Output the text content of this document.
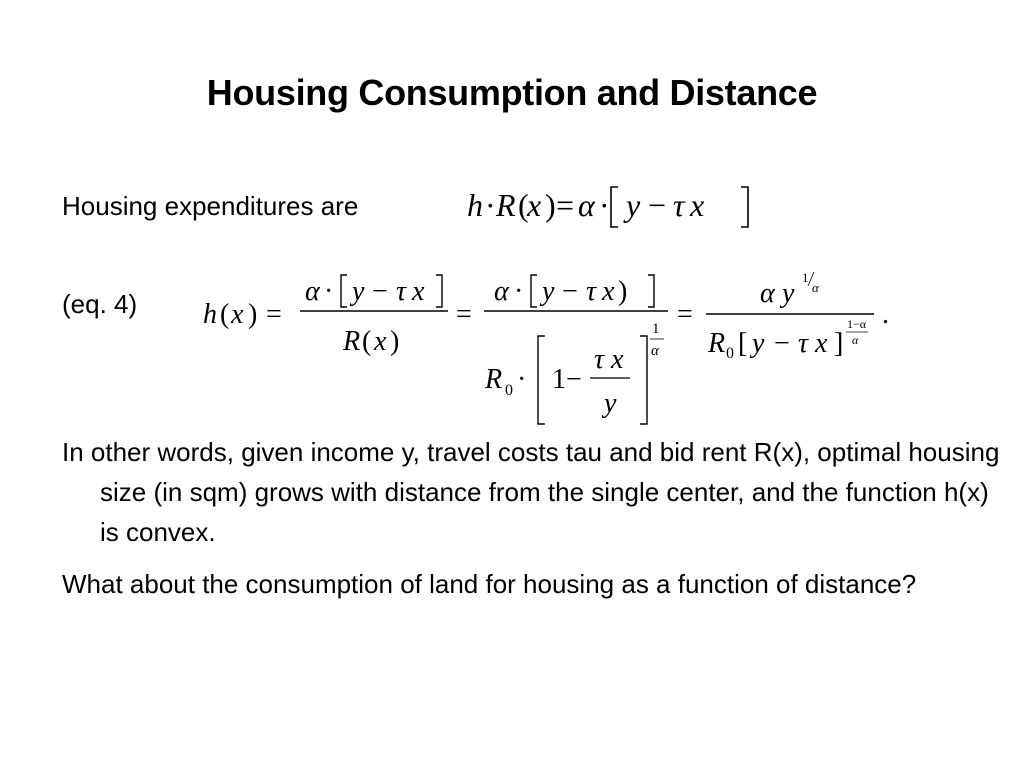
Housing Consumption and Distance
Housing expenditures are
(eq. 4)
h · R (
x ) = α · y − τ x
h ( x ) =
α · y − τ x
R ( x )
=
α · y − τ x )
R 0 · 1 −
τ x
y
1
α
=
α y
1
α
R 0 [ y − τ x ]
1−α
α
.
In other words, given income y, travel costs tau and bid rent R(x), optimal housing size (in sqm) grows with distance from the single center, and the function h(x) is convex.
What about the consumption of land for housing as a function of distance?
